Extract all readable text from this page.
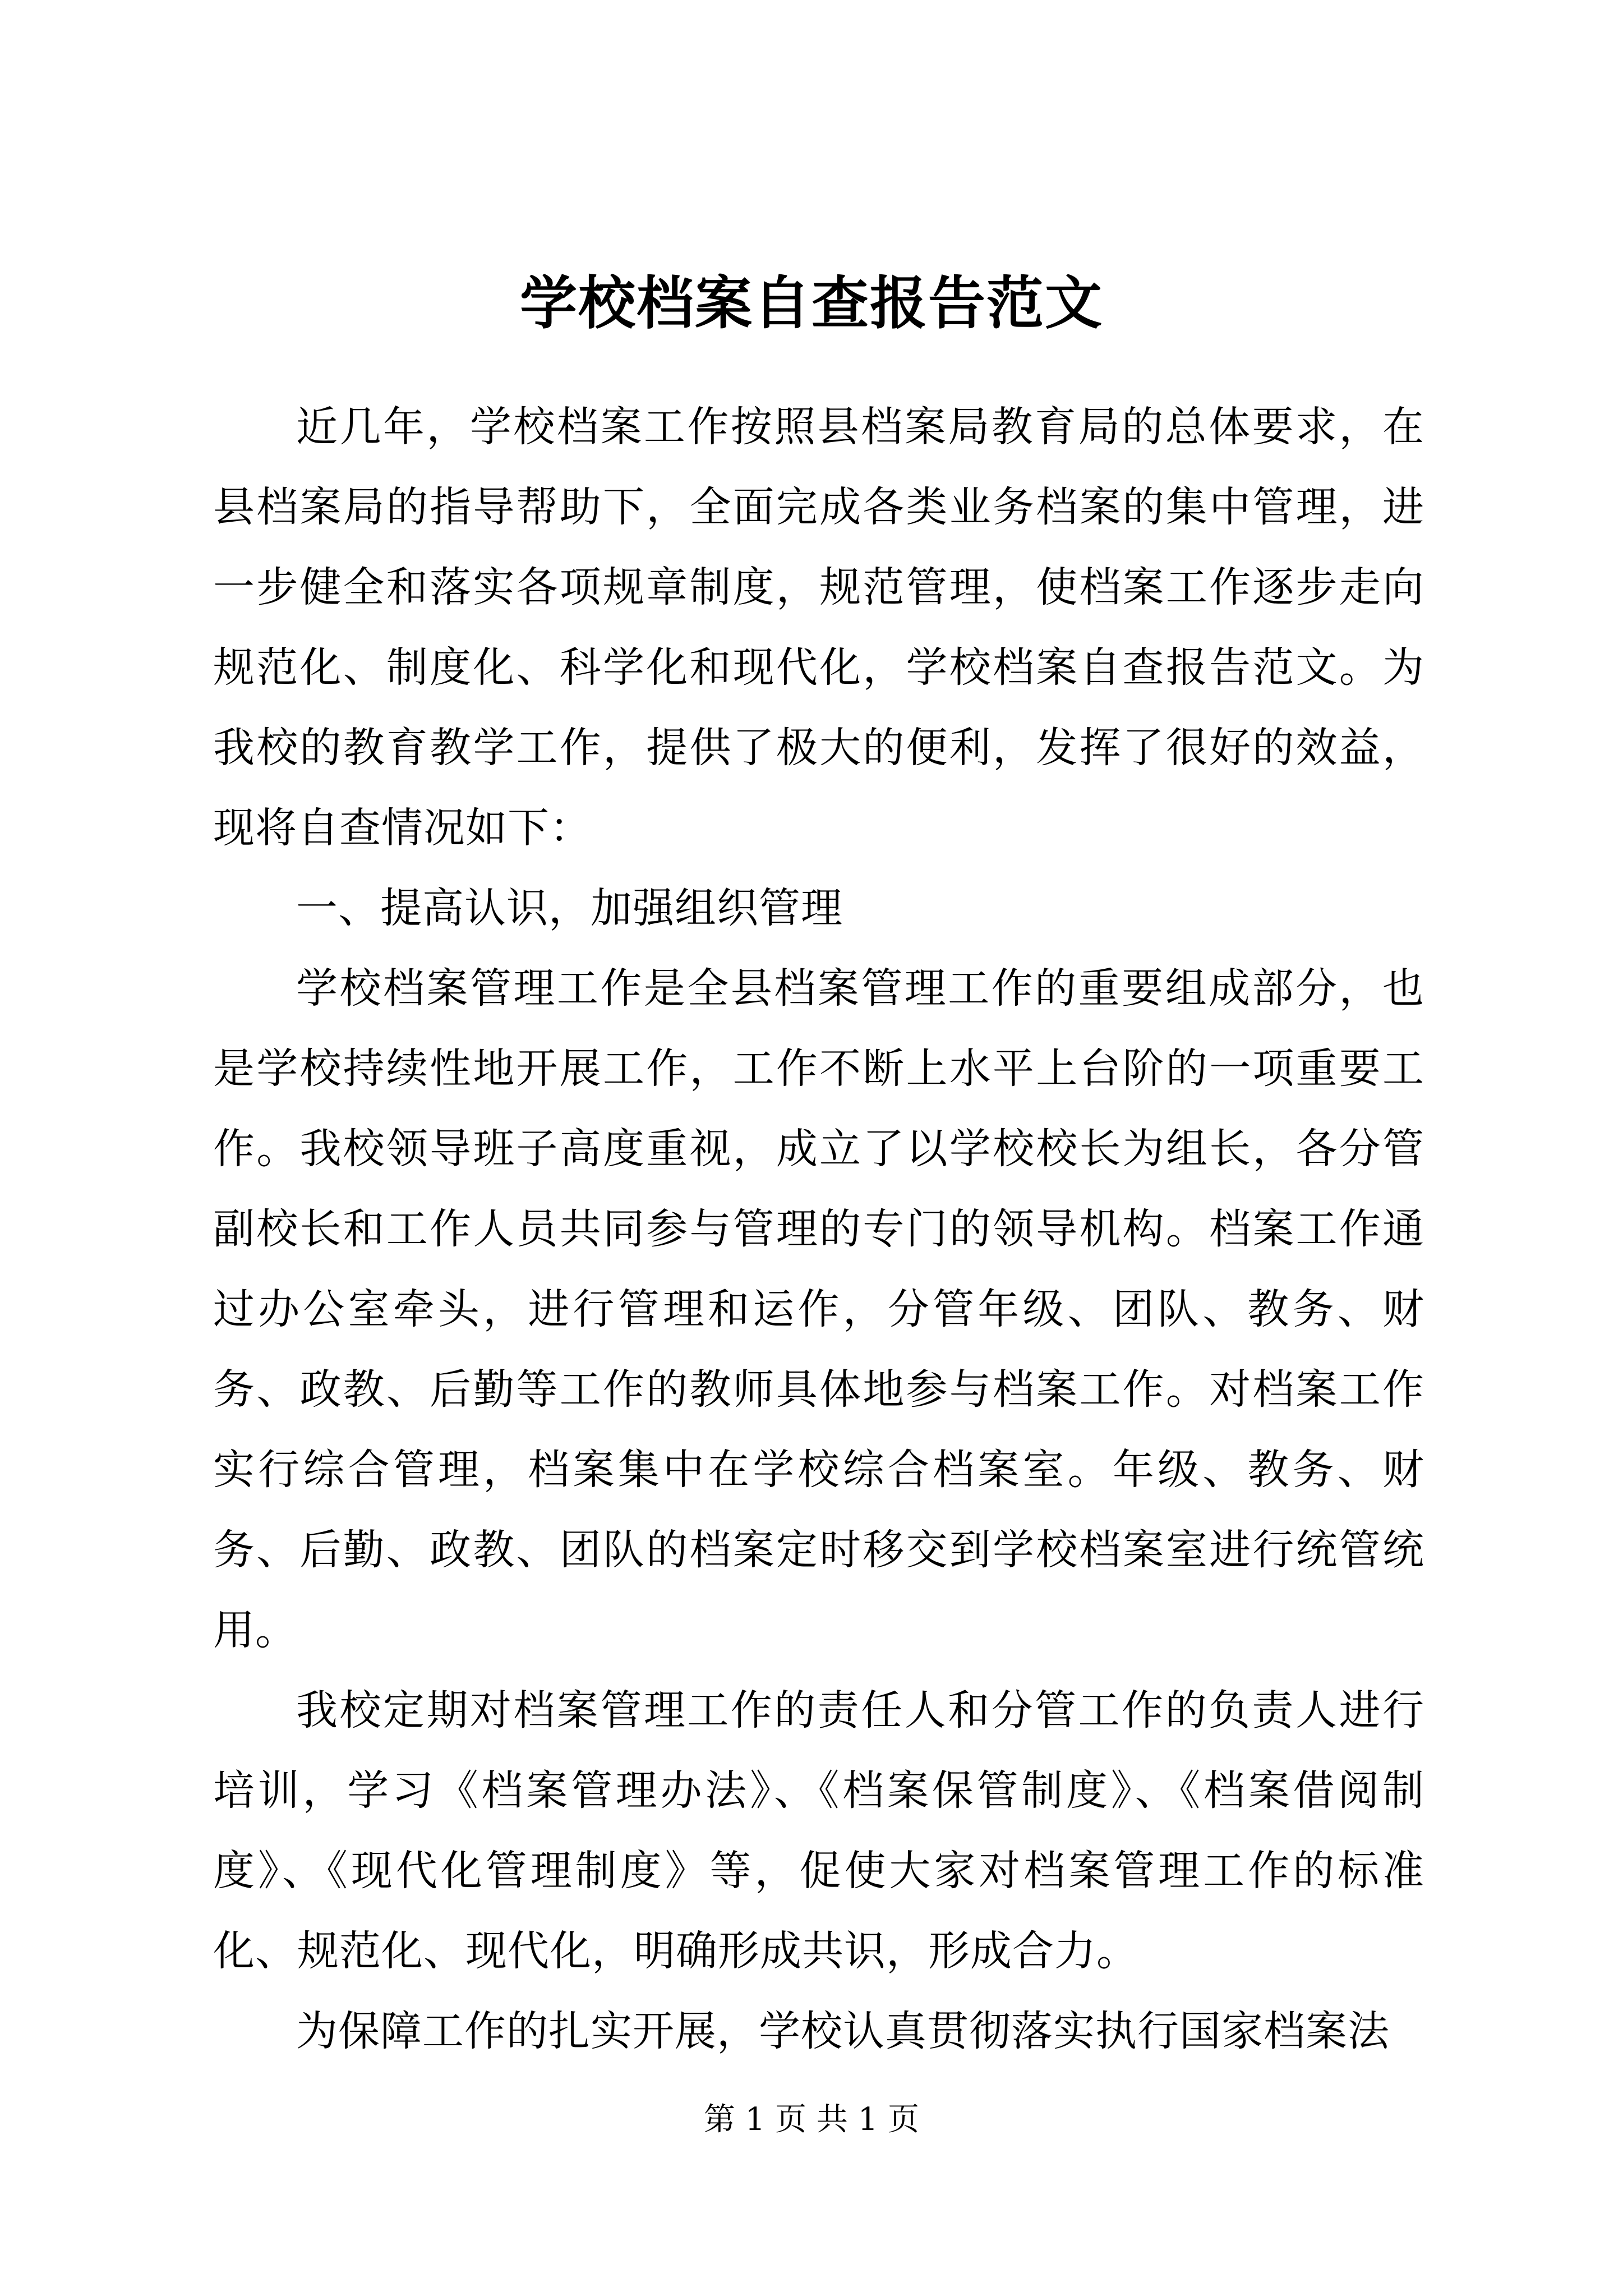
学校档案自查报告范文

近几年，学校档案工作按照县档案局教育局的总体要求，在县档案局的指导帮助下，全面完成各类业务档案的集中管理，进一步健全和落实各项规章制度，规范管理，使档案工作逐步走向规范化、制度化、科学化和现代化，学校档案自查报告范文。为我校的教育教学工作，提供了极大的便利，发挥了很好的效益，现将自查情况如下：

一、提高认识，加强组织管理

学校档案管理工作是全县档案管理工作的重要组成部分，也是学校持续性地开展工作，工作不断上水平上台阶的一项重要工作。我校领导班子高度重视，成立了以学校校长为组长，各分管副校长和工作人员共同参与管理的专门的领导机构。档案工作通过办公室牵头，进行管理和运作，分管年级、团队、教务、财务、政教、后勤等工作的教师具体地参与档案工作。对档案工作实行综合管理，档案集中在学校综合档案室。年级、教务、财务、后勤、政教、团队的档案定时移交到学校档案室进行统管统用。

我校定期对档案管理工作的责任人和分管工作的负责人进行培训，学习《档案管理办法》、《档案保管制度》、《档案借阅制度》、《现代化管理制度》等，促使大家对档案管理工作的标准化、规范化、现代化，明确形成共识，形成合力。

为保障工作的扎实开展，学校认真贯彻落实执行国家档案法

第 1 页 共 1 页
